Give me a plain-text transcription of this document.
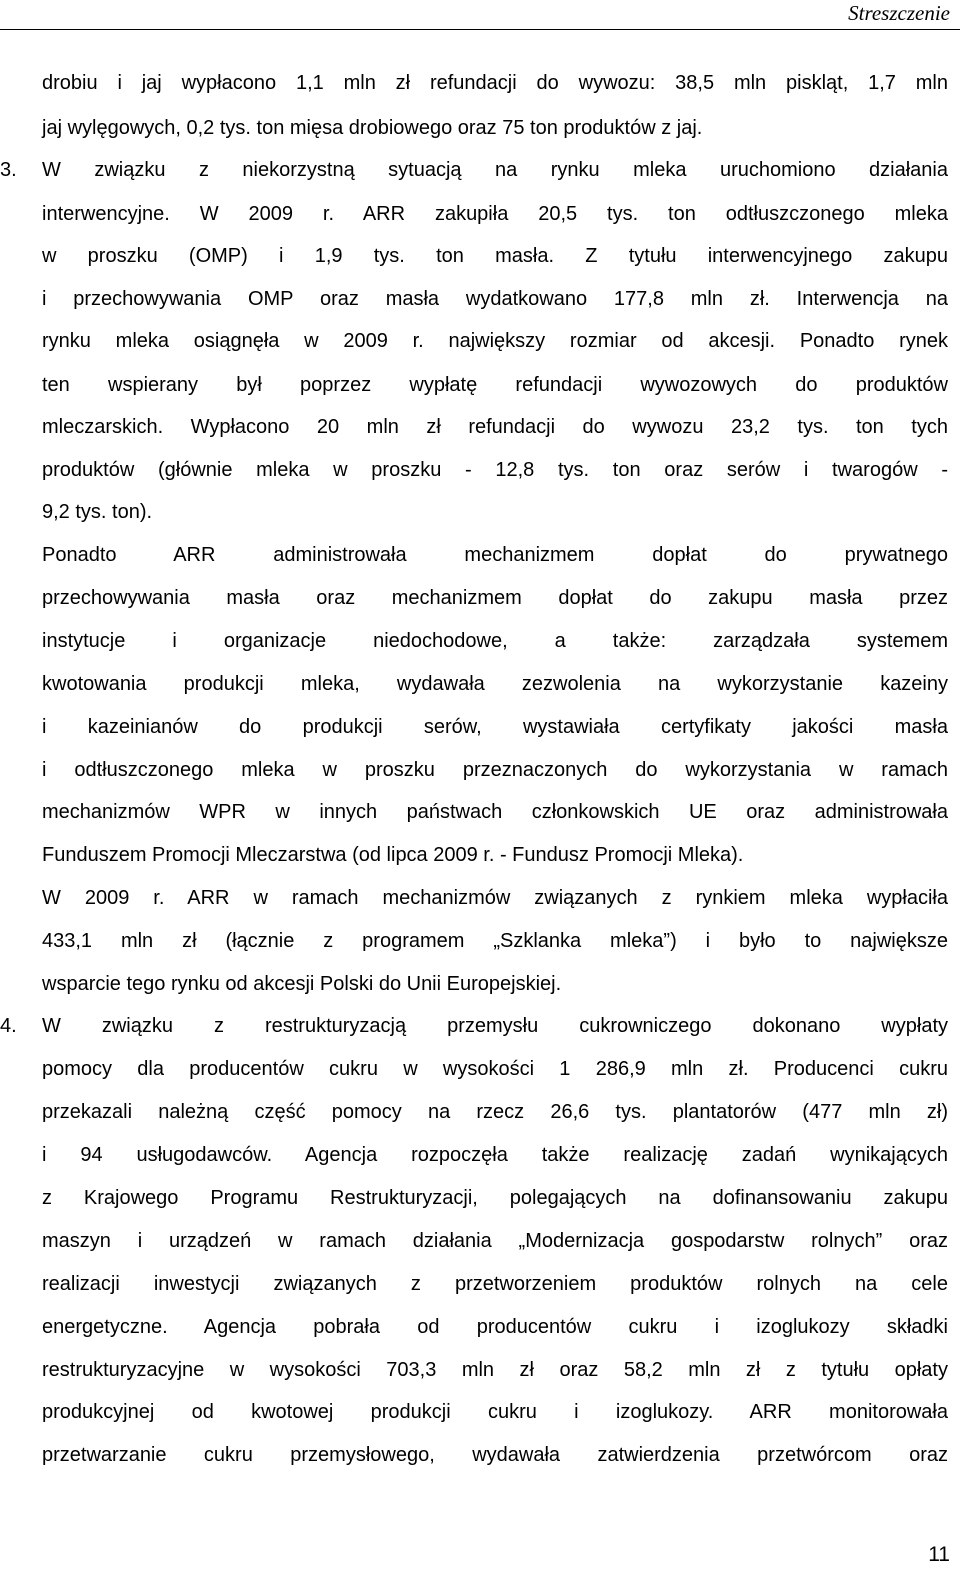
Streszczenie
drobiu i jaj wypłacono 1,1 mln zł refundacji do wywozu: 38,5 mln piskląt, 1,7 mln
jaj wylęgowych, 0,2 tys. ton mięsa drobiowego oraz 75 ton produktów z jaj.
W związku z niekorzystną sytuacją na rynku mleka uruchomiono działania
interwencyjne. W 2009 r. ARR zakupiła 20,5 tys. ton odtłuszczonego mleka
w proszku (OMP) i 1,9 tys. ton masła. Z tytułu interwencyjnego zakupu
i przechowywania OMP oraz masła wydatkowano 177,8 mln zł. Interwencja na
rynku mleka osiągnęła w 2009 r. największy rozmiar od akcesji. Ponadto rynek
ten wspierany był poprzez wypłatę refundacji wywozowych do produktów
mleczarskich. Wypłacono 20 mln zł refundacji do wywozu 23,2 tys. ton tych
produktów (głównie mleka w proszku - 12,8 tys. ton oraz serów i twarogów -
9,2 tys. ton).
Ponadto ARR administrowała mechanizmem dopłat do prywatnego
przechowywania masła oraz mechanizmem dopłat do zakupu masła przez
instytucje i organizacje niedochodowe, a także: zarządzała systemem
kwotowania produkcji mleka, wydawała zezwolenia na wykorzystanie kazeiny
i kazeinianów do produkcji serów, wystawiała certyfikaty jakości masła
i odtłuszczonego mleka w proszku przeznaczonych do wykorzystania w ramach
mechanizmów WPR w innych państwach członkowskich UE oraz administrowała
Funduszem Promocji Mleczarstwa (od lipca 2009 r. - Fundusz Promocji Mleka).
W 2009 r. ARR w ramach mechanizmów związanych z rynkiem mleka wypłaciła
433,1 mln zł (łącznie z programem „Szklanka mleka”) i było to największe
wsparcie tego rynku od akcesji Polski do Unii Europejskiej.
W związku z restrukturyzacją przemysłu cukrowniczego dokonano wypłaty
pomocy dla producentów cukru w wysokości 1 286,9 mln zł. Producenci cukru
przekazali należną część pomocy na rzecz 26,6 tys. plantatorów (477 mln zł)
i 94 usługodawców. Agencja rozpoczęła także realizację zadań wynikających
z Krajowego Programu Restrukturyzacji, polegających na dofinansowaniu zakupu
maszyn i urządzeń w ramach działania „Modernizacja gospodarstw rolnych” oraz
realizacji inwestycji związanych z przetworzeniem produktów rolnych na cele
energetyczne. Agencja pobrała od producentów cukru i izoglukozy składki
restrukturyzacyjne w wysokości 703,3 mln zł oraz 58,2 mln zł z tytułu opłaty
produkcyjnej od kwotowej produkcji cukru i izoglukozy. ARR monitorowała
przetwarzanie cukru przemysłowego, wydawała zatwierdzenia przetwórcom oraz
3.
4.
11
